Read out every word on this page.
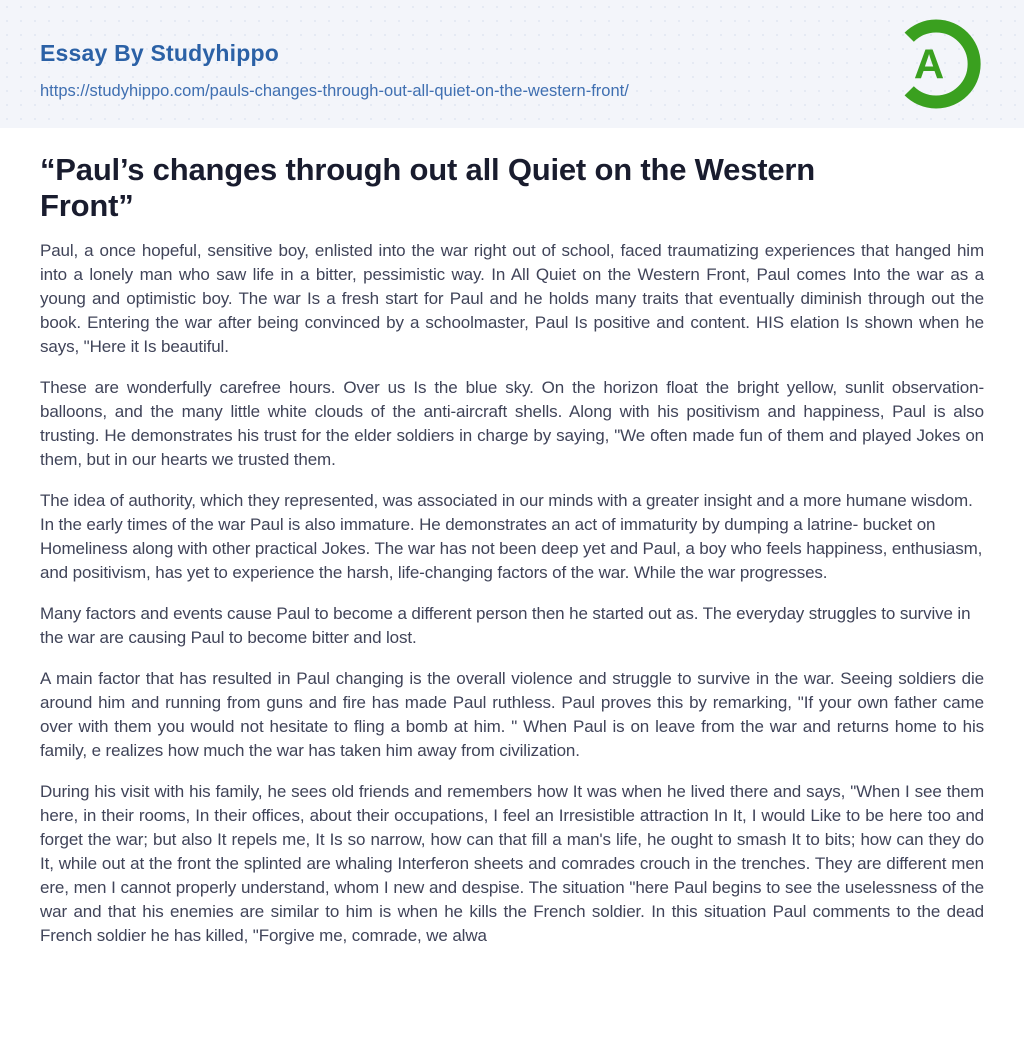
Essay By Studyhippo
https://studyhippo.com/pauls-changes-through-out-all-quiet-on-the-western-front/
A
“Paul’s changes through out all Quiet on the Western Front”

Paul, a once hopeful, sensitive boy, enlisted into the war right out of school, faced traumatizing experiences that hanged him into a lonely man who saw life in a bitter, pessimistic way. In All Quiet on the Western Front, Paul comes Into the war as a young and optimistic boy. The war Is a fresh start for Paul and he holds many traits that eventually diminish through out the book. Entering the war after being convinced by a schoolmaster, Paul Is positive and content. HIS elation Is shown when he says, "Here it Is beautiful.

These are wonderfully carefree hours. Over us Is the blue sky. On the horizon float the bright yellow, sunlit observation-balloons, and the many little white clouds of the anti-aircraft shells. Along with his positivism and happiness, Paul is also trusting. He demonstrates his trust for the elder soldiers in charge by saying, "We often made fun of them and played Jokes on them, but in our hearts we trusted them.

The idea of authority, which they represented, was associated in our minds with a greater insight and a more humane wisdom. In the early times of the war Paul is also immature. He demonstrates an act of immaturity by dumping a latrine- bucket on Homeliness along with other practical Jokes. The war has not been deep yet and Paul, a boy who feels happiness, enthusiasm, and positivism, has yet to experience the harsh, life-changing factors of the war. While the war progresses.

Many factors and events cause Paul to become a different person then he started out as. The everyday struggles to survive in the war are causing Paul to become bitter and lost.

A main factor that has resulted in Paul changing is the overall violence and struggle to survive in the war. Seeing soldiers die around him and running from guns and fire has made Paul ruthless. Paul proves this by remarking, "If your own father came over with them you would not hesitate to fling a bomb at him. " When Paul is on leave from the war and returns home to his family, e realizes how much the war has taken him away from civilization.

During his visit with his family, he sees old friends and remembers how It was when he lived there and says, "When I see them here, in their rooms, In their offices, about their occupations, I feel an Irresistible attraction In It, I would Like to be here too and forget the war; but also It repels me, It Is so narrow, how can that fill a man's life, he ought to smash It to bits; how can they do It, while out at the front the splinted are whaling Interferon sheets and comrades crouch in the trenches. They are different men ere, men I cannot properly understand, whom I new and despise. The situation "here Paul begins to see the uselessness of the war and that his enemies are similar to him is when he kills the French soldier. In this situation Paul comments to the dead French soldier he has killed, "Forgive me, comrade, we alwa
